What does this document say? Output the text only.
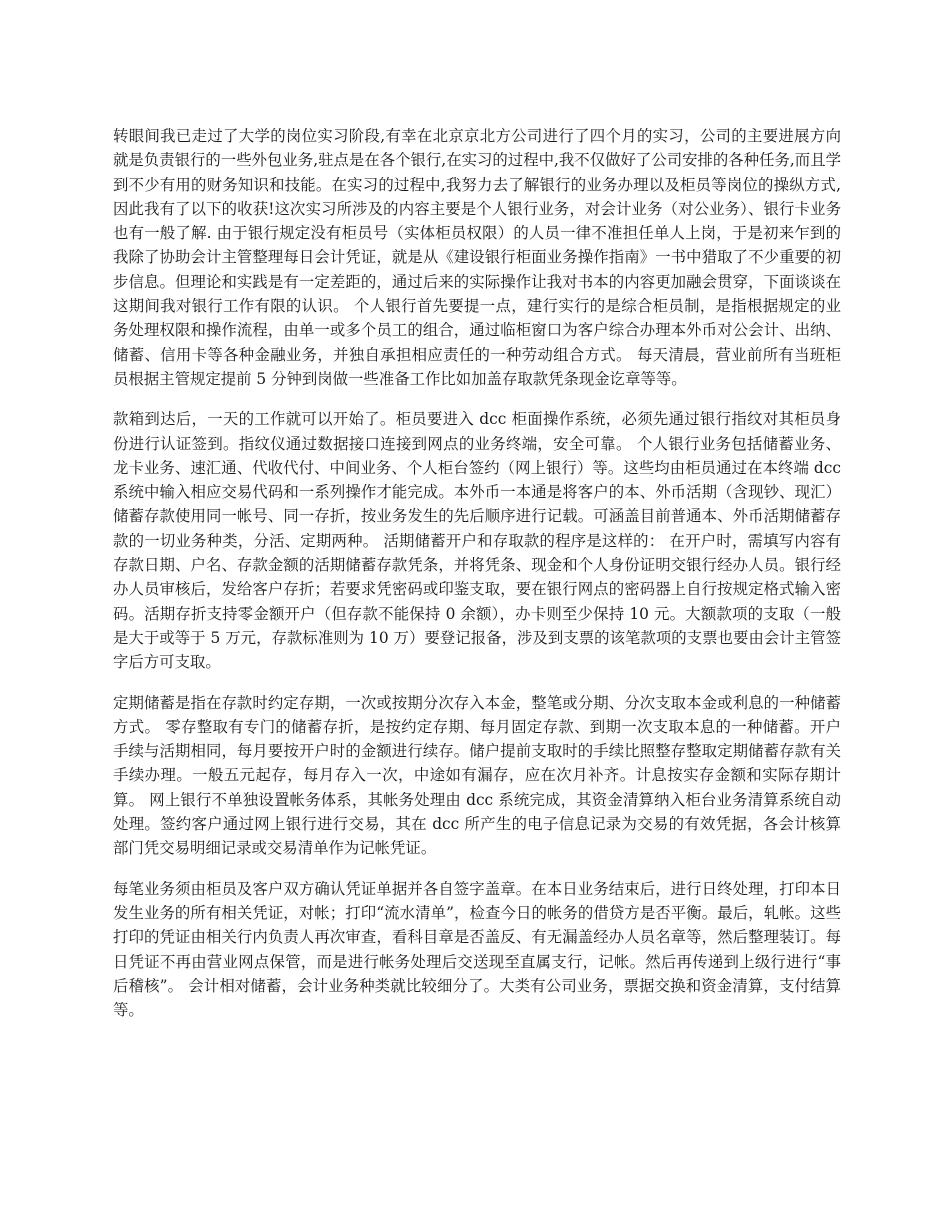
转眼间我已走过了大学的岗位实习阶段,有幸在北京京北方公司进行了四个月的实习，公司的主要进展方向就是负责银行的一些外包业务,驻点是在各个银行,在实习的过程中,我不仅做好了公司安排的各种任务,而且学到不少有用的财务知识和技能。在实习的过程中,我努力去了解银行的业务办理以及柜员等岗位的操纵方式,因此我有了以下的收获!这次实习所涉及的内容主要是个人银行业务，对会计业务（对公业务）、银行卡业务也有一般了解. 由于银行规定没有柜员号（实体柜员权限）的人员一律不准担任单人上岗，于是初来乍到的我除了协助会计主管整理每日会计凭证，就是从《建设银行柜面业务操作指南》一书中猎取了不少重要的初步信息。但理论和实践是有一定差距的，通过后来的实际操作让我对书本的内容更加融会贯穿，下面谈谈在这期间我对银行工作有限的认识。 个人银行首先要提一点，建行实行的是综合柜员制，是指根据规定的业务处理权限和操作流程，由单一或多个员工的组合，通过临柜窗口为客户综合办理本外币对公会计、出纳、储蓄、信用卡等各种金融业务，并独自承担相应责任的一种劳动组合方式。 每天清晨，营业前所有当班柜员根据主管规定提前 5 分钟到岗做一些准备工作比如加盖存取款凭条现金讫章等等。

款箱到达后，一天的工作就可以开始了。柜员要进入 dcc 柜面操作系统，必须先通过银行指纹对其柜员身份进行认证签到。指纹仪通过数据接口连接到网点的业务终端，安全可靠。 个人银行业务包括储蓄业务、龙卡业务、速汇通、代收代付、中间业务、个人柜台签约（网上银行）等。这些均由柜员通过在本终端 dcc 系统中输入相应交易代码和一系列操作才能完成。本外币一本通是将客户的本、外币活期（含现钞、现汇）储蓄存款使用同一帐号、同一存折，按业务发生的先后顺序进行记载。可涵盖目前普通本、外币活期储蓄存款的一切业务种类，分活、定期两种。 活期储蓄开户和存取款的程序是这样的： 在开户时，需填写内容有存款日期、户名、存款金额的活期储蓄存款凭条，并将凭条、现金和个人身份证明交银行经办人员。银行经办人员审核后，发给客户存折；若要求凭密码或印鉴支取，要在银行网点的密码器上自行按规定格式输入密码。活期存折支持零金额开户（但存款不能保持 0 余额），办卡则至少保持 10 元。大额款项的支取（一般是大于或等于 5 万元，存款标准则为 10 万）要登记报备，涉及到支票的该笔款项的支票也要由会计主管签字后方可支取。

定期储蓄是指在存款时约定存期，一次或按期分次存入本金，整笔或分期、分次支取本金或利息的一种储蓄方式。 零存整取有专门的储蓄存折，是按约定存期、每月固定存款、到期一次支取本息的一种储蓄。开户手续与活期相同，每月要按开户时的金额进行续存。储户提前支取时的手续比照整存整取定期储蓄存款有关手续办理。一般五元起存，每月存入一次，中途如有漏存，应在次月补齐。计息按实存金额和实际存期计算。 网上银行不单独设置帐务体系，其帐务处理由 dcc 系统完成，其资金清算纳入柜台业务清算系统自动处理。签约客户通过网上银行进行交易，其在 dcc 所产生的电子信息记录为交易的有效凭据，各会计核算部门凭交易明细记录或交易清单作为记帐凭证。

每笔业务须由柜员及客户双方确认凭证单据并各自签字盖章。在本日业务结束后，进行日终处理，打印本日发生业务的所有相关凭证，对帐；打印“流水清单”，检查今日的帐务的借贷方是否平衡。最后，轧帐。这些打印的凭证由相关行内负责人再次审查，看科目章是否盖反、有无漏盖经办人员名章等，然后整理装订。每日凭证不再由营业网点保管，而是进行帐务处理后交送现至直属支行，记帐。然后再传递到上级行进行“事后稽核”。 会计相对储蓄，会计业务种类就比较细分了。大类有公司业务，票据交换和资金清算，支付结算等。
